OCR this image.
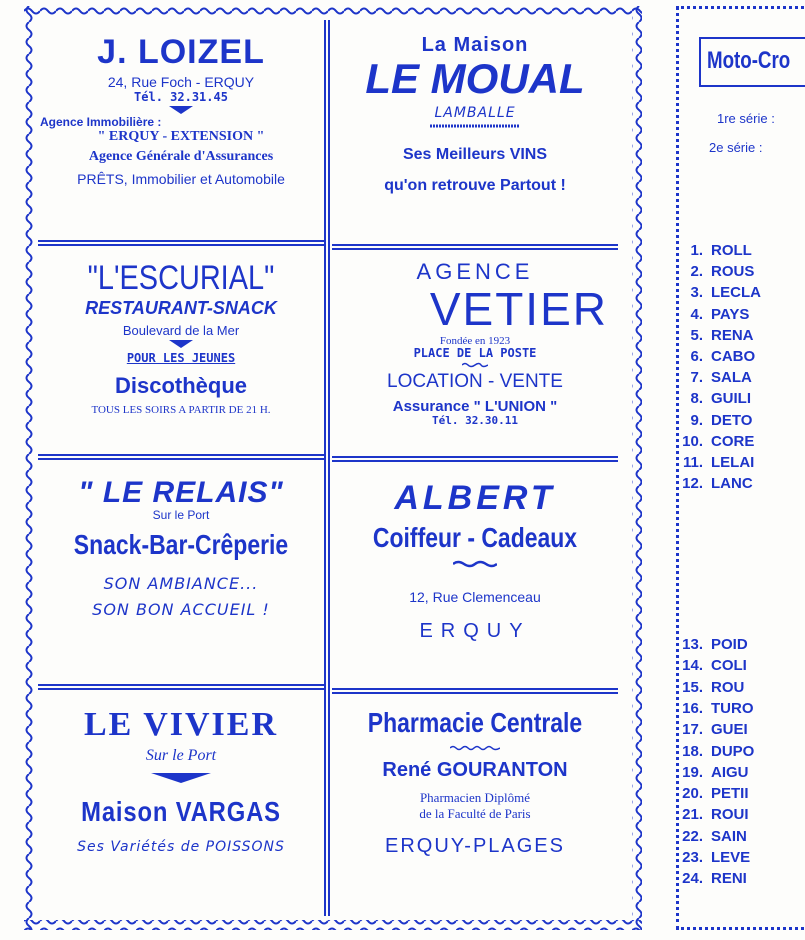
J. LOIZEL
24, Rue Foch - ERQUY
Tél. 32.31.45
Agence Immobilière :
" ERQUY - EXTENSION "
Agence Générale d'Assurances
PRÊTS, Immobilier et Automobile
"L'ESCURIAL"
RESTAURANT-SNACK
Boulevard de la Mer
POUR LES JEUNES
Discothèque
TOUS LES SOIRS A PARTIR DE 21 H.
" LE RELAIS"
Sur le Port
Snack-Bar-Crêperie
SON AMBIANCE...
SON BON ACCUEIL !
LE VIVIER
Sur le Port
Maison VARGAS
Ses Variétés de POISSONS
La Maison
LE MOUAL
LAMBALLE
Ses Meilleurs VINS
qu'on retrouve Partout !
AGENCE
VETIER
Fondée en 1923
PLACE DE LA POSTE
LOCATION - VENTE
Assurance " L'UNION "
Tél. 32.30.11
ALBERT
Coiffeur - Cadeaux
12, Rue Clemenceau
ERQUY
Pharmacie Centrale
René GOURANTON
Pharmacien Diplômé
de la Faculté de Paris
ERQUY-PLAGES
Moto-Cro
1re série :
2e série :
1. ROLL
2. ROUS
3. LECLA
4. PAYS
5. RENA
6. CABO
7. SALA
8. GUILI
9. DETO
10. CORE
11. LELAI
12. LANC
13. POID
14. COLI
15. ROU
16. TURO
17. GUEI
18. DUPO
19. AIGU
20. PETII
21. ROUI
22. SAIN
23. LEVE
24. RENI
